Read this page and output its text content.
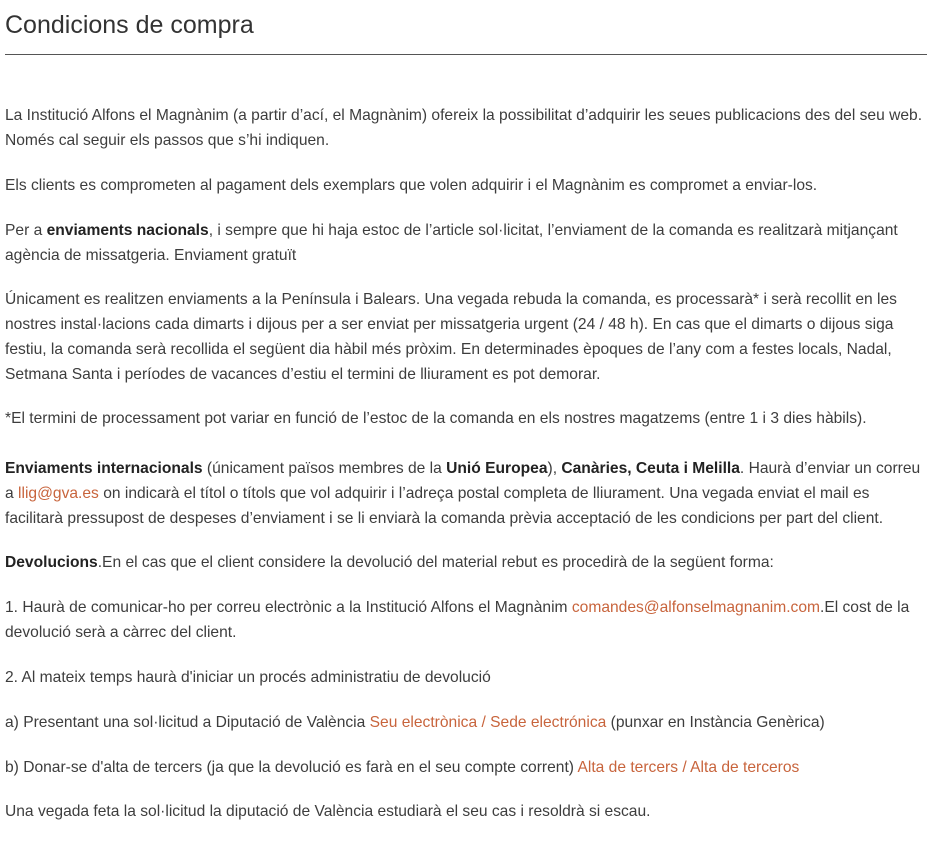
Condicions de compra

La Institució Alfons el Magnànim (a partir d’ací, el Magnànim) ofereix la possibilitat d’adquirir les seues publicacions des del seu web. Només cal seguir els passos que s’hi indiquen.

Els clients es comprometen al pagament dels exemplars que volen adquirir i el Magnànim es compromet a enviar-los.

Per a enviaments nacionals, i sempre que hi haja estoc de l’article sol·licitat, l’enviament de la comanda es realitzarà mitjançant agència de missatgeria. Enviament gratuït

Únicament es realitzen enviaments a la Península i Balears. Una vegada rebuda la comanda, es processarà* i serà recollit en les nostres instal·lacions cada dimarts i dijous per a ser enviat per missatgeria urgent (24 / 48 h). En cas que el dimarts o dijous siga festiu, la comanda serà recollida el següent dia hàbil més pròxim. En determinades èpoques de l’any com a festes locals, Nadal, Setmana Santa i períodes de vacances d’estiu el termini de lliurament es pot demorar.

*El termini de processament pot variar en funció de l’estoc de la comanda en els nostres magatzems (entre 1 i 3 dies hàbils).

Enviaments internacionals (únicament països membres de la Unió Europea), Canàries, Ceuta i Melilla. Haurà d’enviar un correu a llig@gva.es on indicarà el títol o títols que vol adquirir i l’adreça postal completa de lliurament. Una vegada enviat el mail es facilitarà pressupost de despeses d’enviament i se li enviarà la comanda prèvia acceptació de les condicions per part del client.

Devolucions.En el cas que el client considere la devolució del material rebut es procedirà de la següent forma:

1. Haurà de comunicar-ho per correu electrònic a la Institució Alfons el Magnànim comandes@alfonselmagnanim.com.El cost de la devolució serà a càrrec del client.

2. Al mateix temps haurà d'iniciar un procés administratiu de devolució

a) Presentant una sol·licitud a Diputació de València Seu electrònica / Sede electrónica (punxar en Instància Genèrica)

b) Donar-se d'alta de tercers (ja que la devolució es farà en el seu compte corrent) Alta de tercers / Alta de terceros

Una vegada feta la sol·licitud la diputació de València estudiarà el seu cas i resoldrà si escau.
